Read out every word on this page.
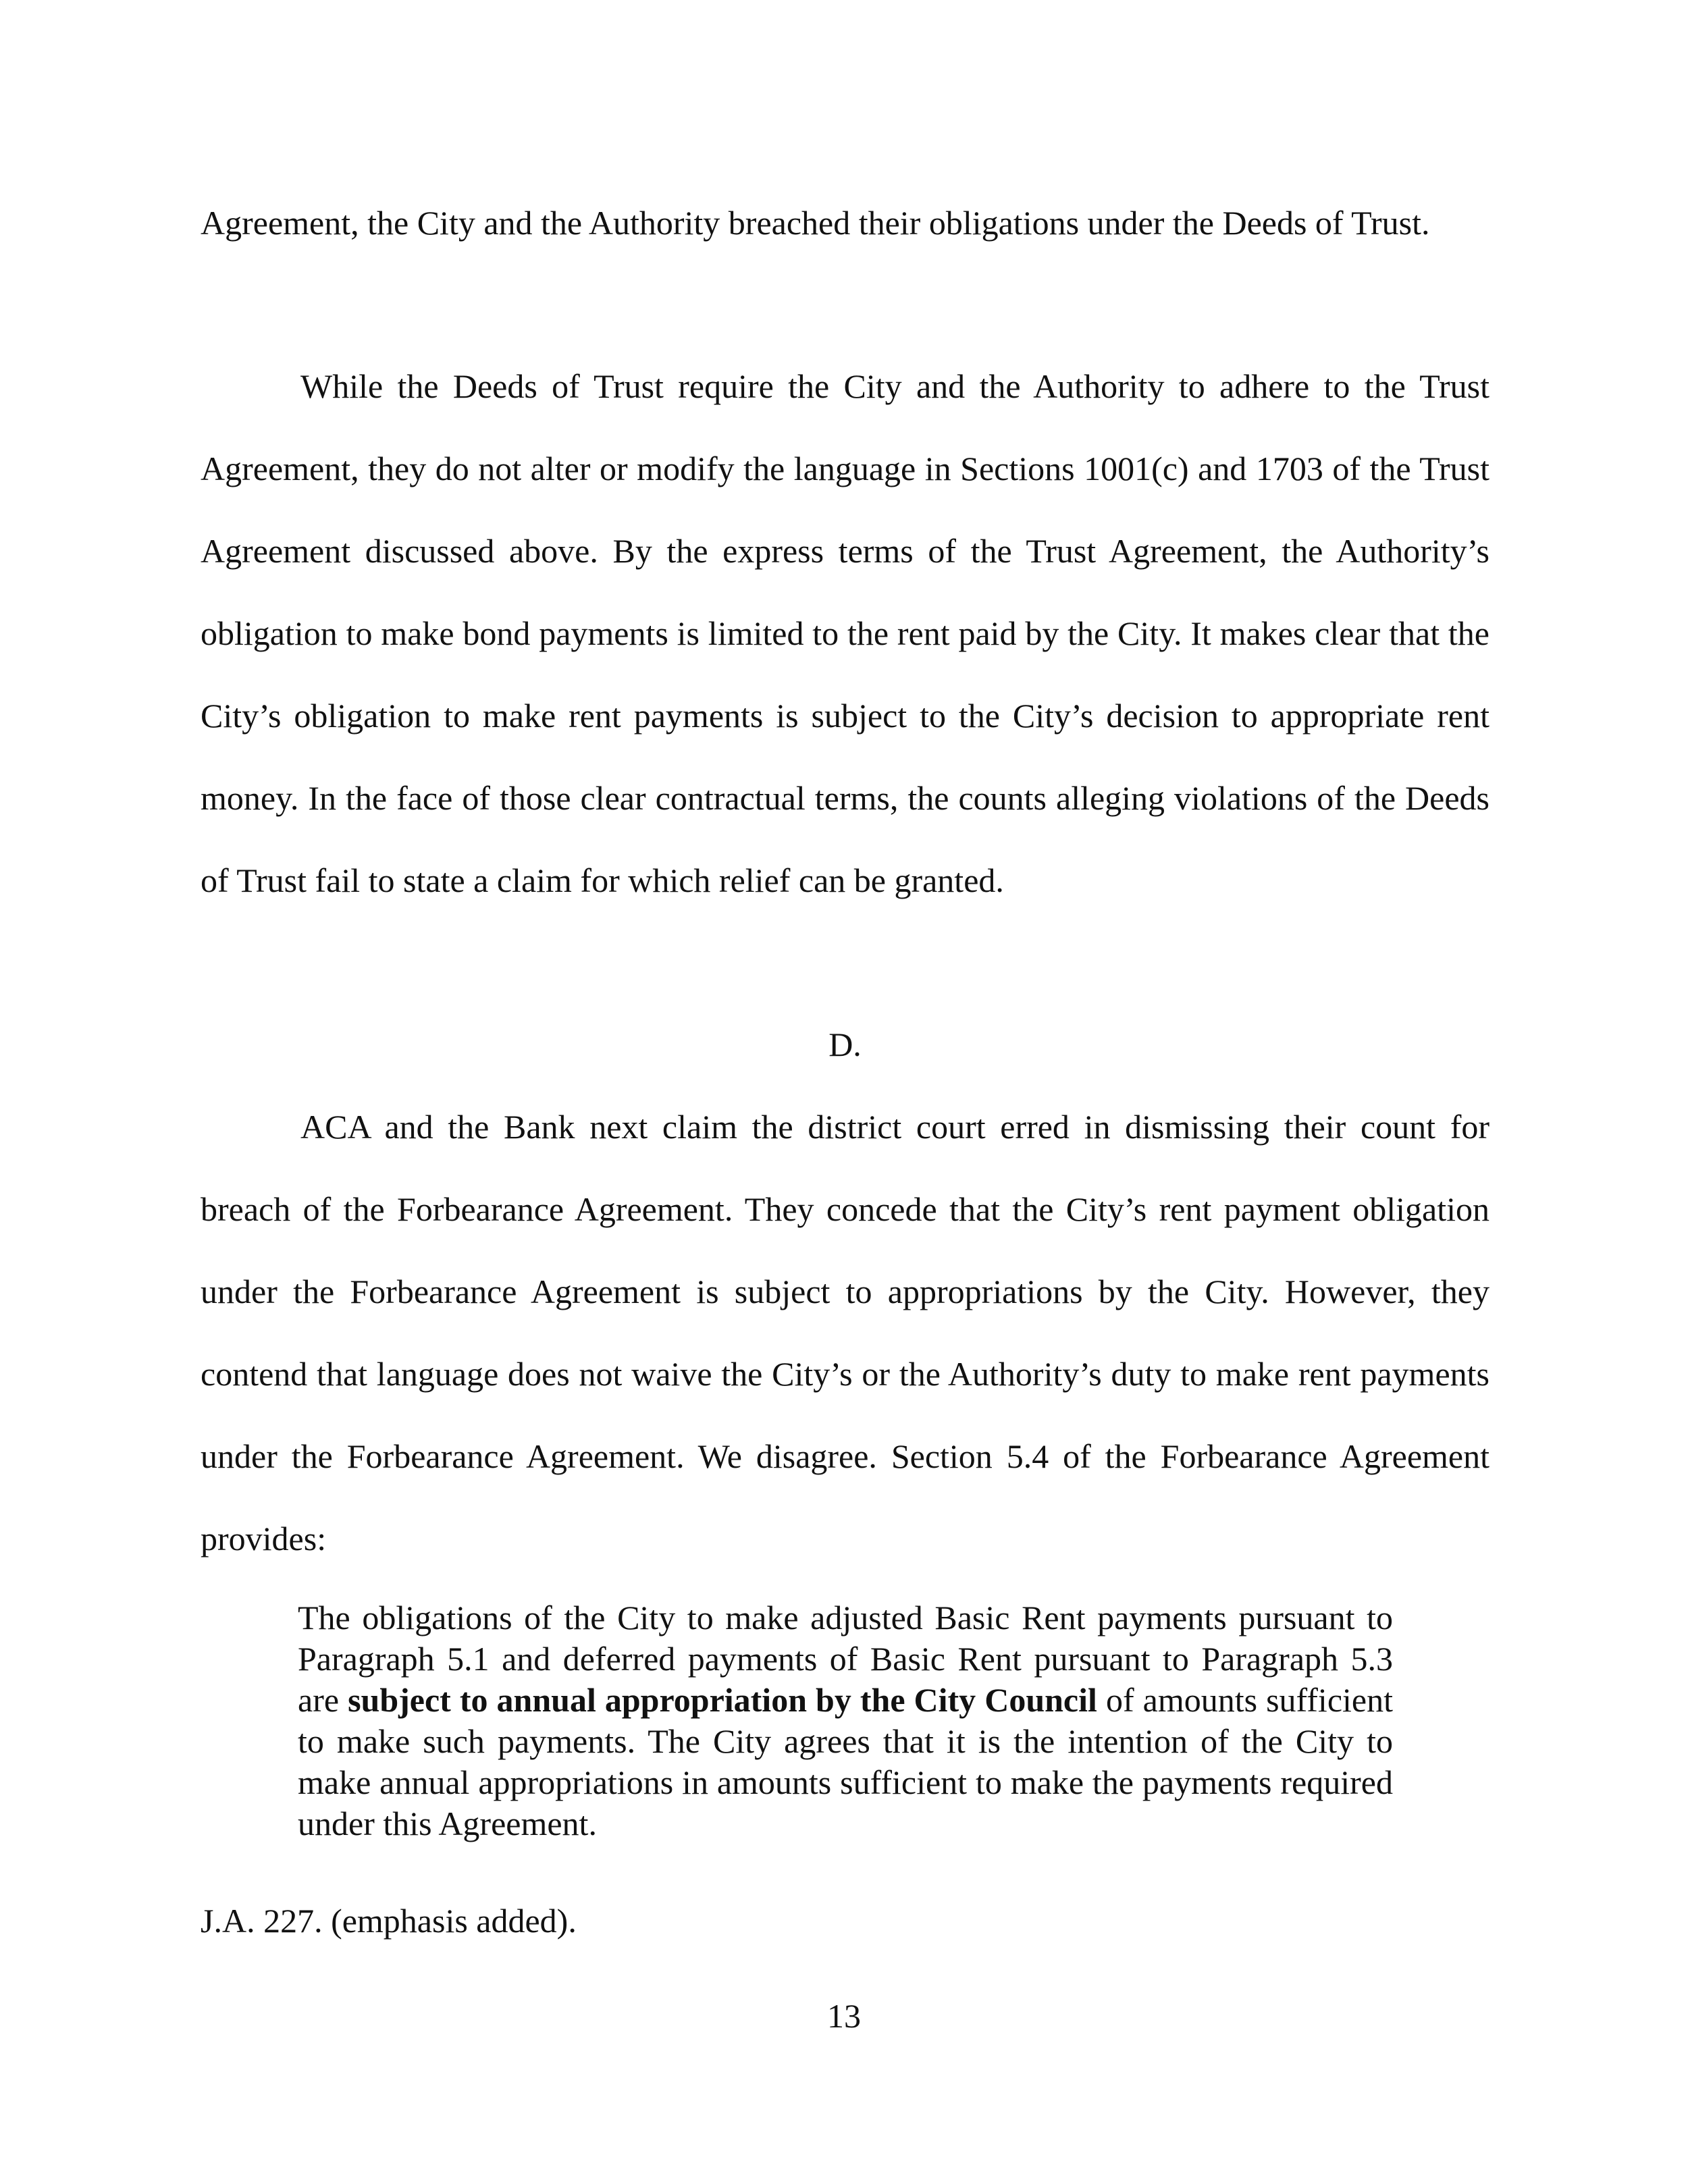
Agreement, the City and the Authority breached their obligations under the Deeds of Trust.

While the Deeds of Trust require the City and the Authority to adhere to the Trust Agreement, they do not alter or modify the language in Sections 1001(c) and 1703 of the Trust Agreement discussed above. By the express terms of the Trust Agreement, the Authority’s obligation to make bond payments is limited to the rent paid by the City. It makes clear that the City’s obligation to make rent payments is subject to the City’s decision to appropriate rent money. In the face of those clear contractual terms, the counts alleging violations of the Deeds of Trust fail to state a claim for which relief can be granted.

D.

ACA and the Bank next claim the district court erred in dismissing their count for breach of the Forbearance Agreement. They concede that the City’s rent payment obligation under the Forbearance Agreement is subject to appropriations by the City. However, they contend that language does not waive the City’s or the Authority’s duty to make rent payments under the Forbearance Agreement. We disagree. Section 5.4 of the Forbearance Agreement provides:

The obligations of the City to make adjusted Basic Rent payments pursuant to Paragraph 5.1 and deferred payments of Basic Rent pursuant to Paragraph 5.3 are subject to annual appropriation by the City Council of amounts sufficient to make such payments. The City agrees that it is the intention of the City to make annual appropriations in amounts sufficient to make the payments required under this Agreement.

J.A. 227. (emphasis added).

13
